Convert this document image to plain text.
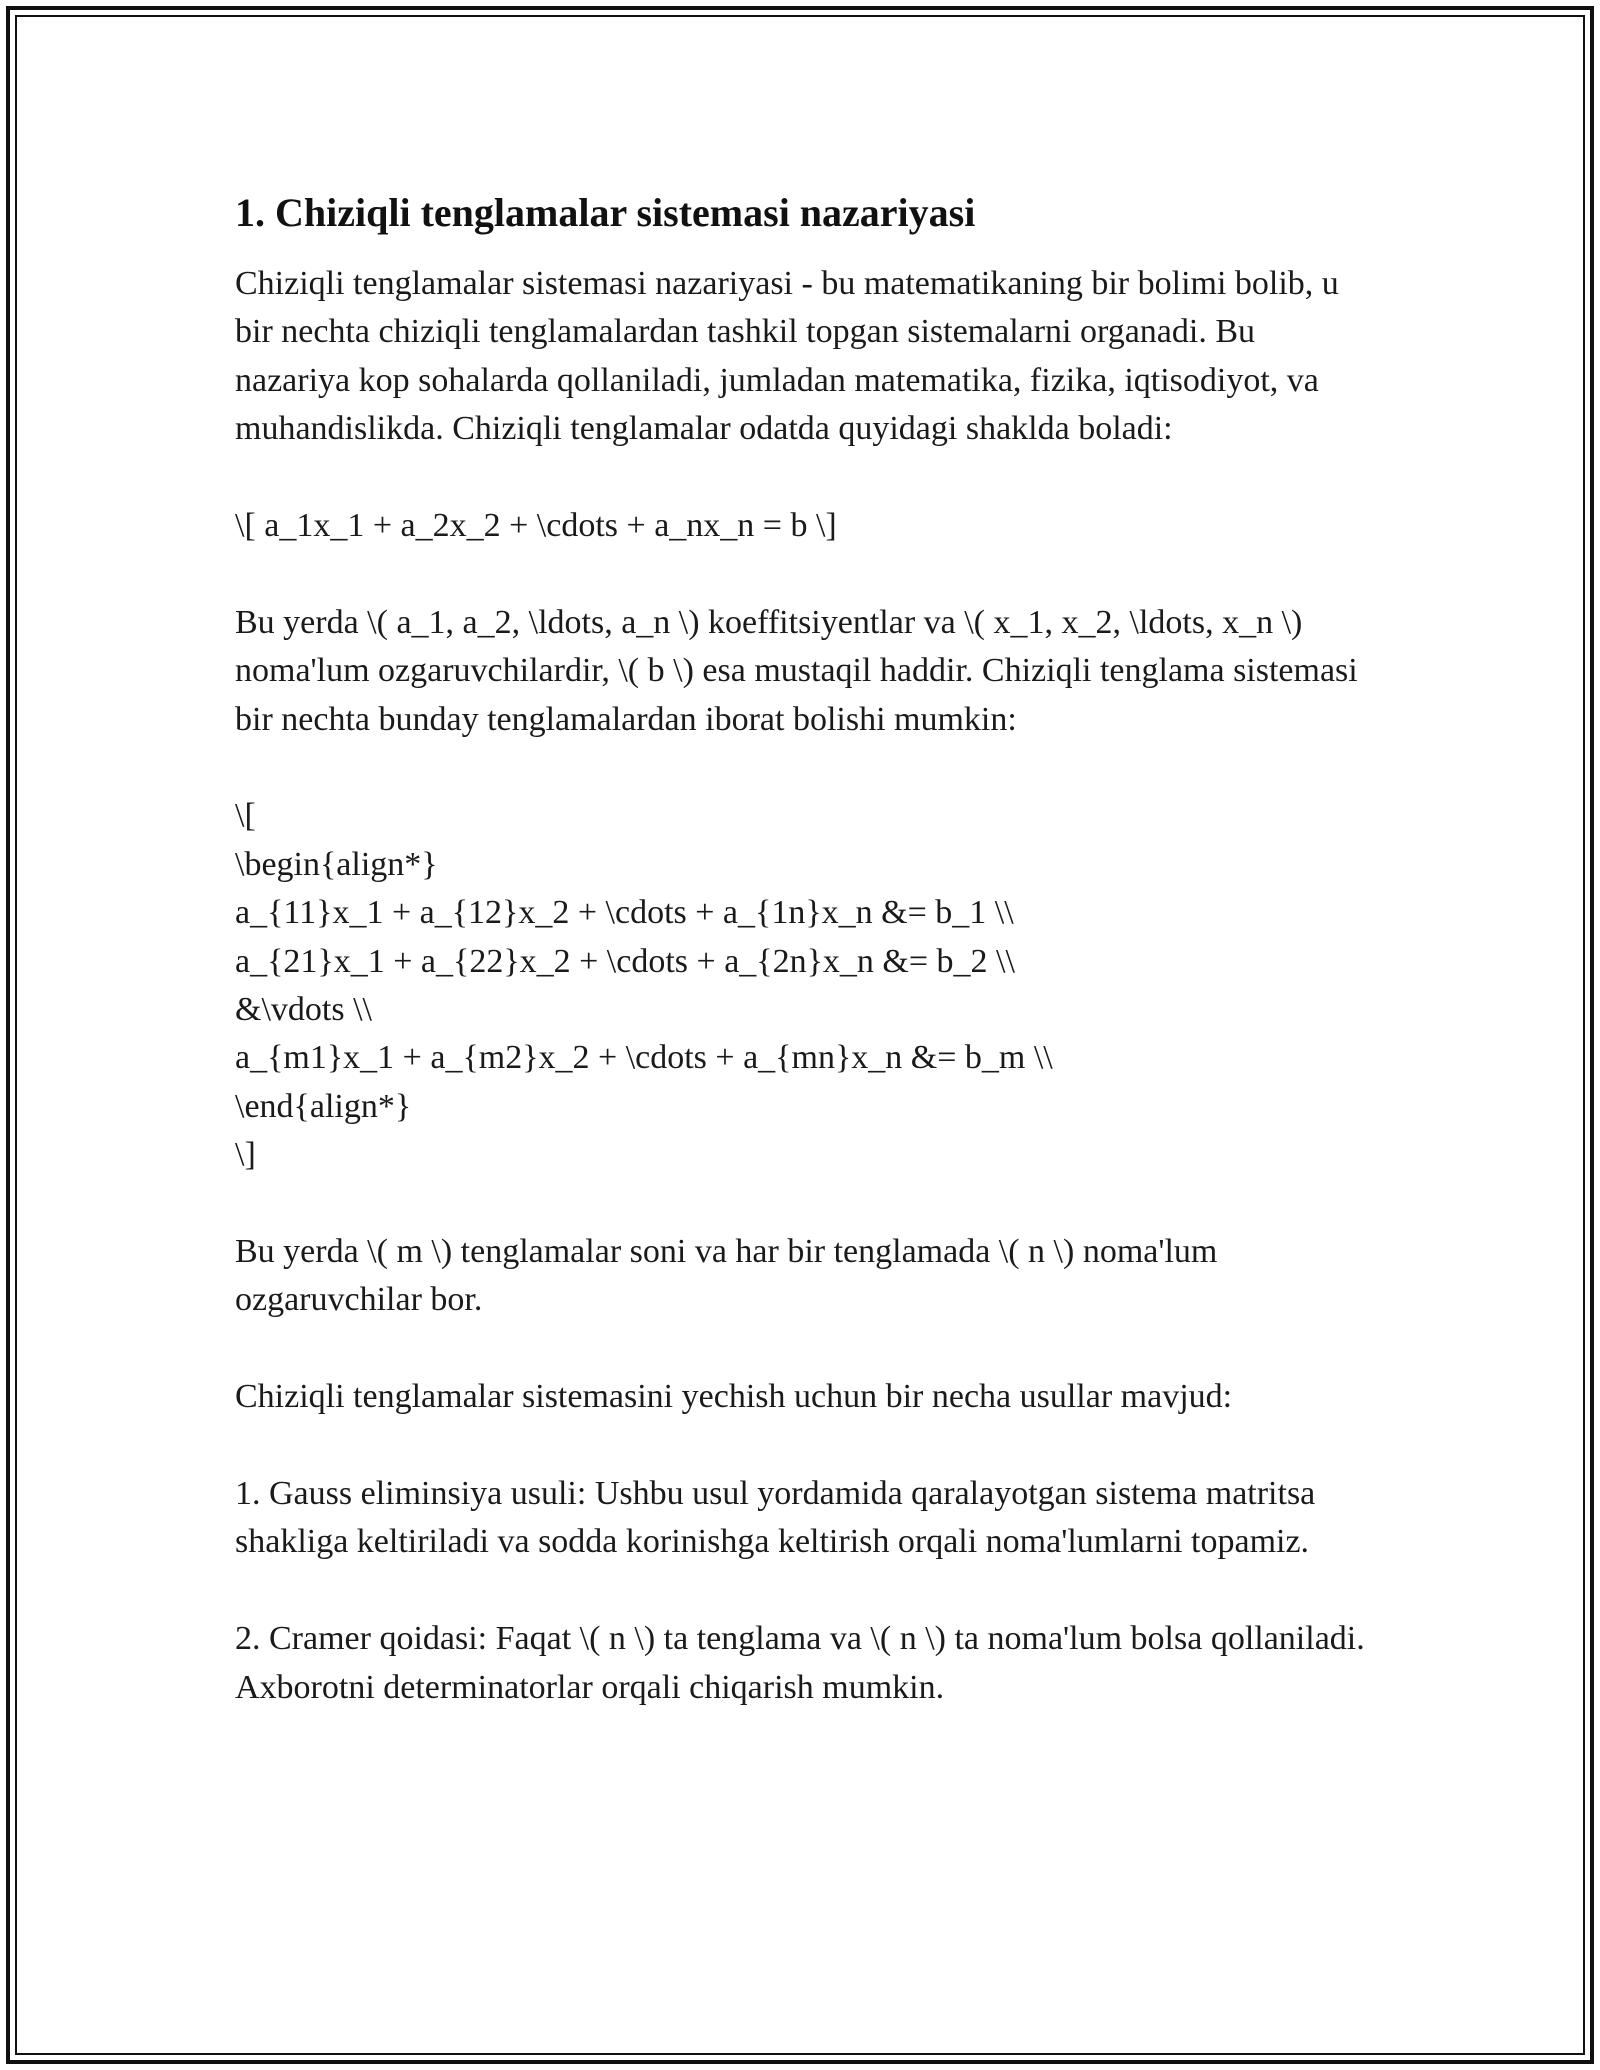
1. Chiziqli tenglamalar sistemasi nazariyasi

Chiziqli tenglamalar sistemasi nazariyasi - bu matematikaning bir bolimi bolib, u bir nechta chiziqli tenglamalardan tashkil topgan sistemalarni organadi. Bu nazariya kop sohalarda qollaniladi, jumladan matematika, fizika, iqtisodiyot, va muhandislikda. Chiziqli tenglamalar odatda quyidagi shaklda boladi:

\[ a_1x_1 + a_2x_2 + \cdots + a_nx_n = b \]

Bu yerda \( a_1, a_2, \ldots, a_n \) koeffitsiyentlar va \( x_1, x_2, \ldots, x_n \) noma'lum ozgaruvchilardir, \( b \) esa mustaqil haddir. Chiziqli tenglama sistemasi bir nechta bunday tenglamalardan iborat bolishi mumkin:

\[

\begin{align*}

a_{11}x_1 + a_{12}x_2 + \cdots + a_{1n}x_n &= b_1 \\

a_{21}x_1 + a_{22}x_2 + \cdots + a_{2n}x_n &= b_2 \\

&\vdots \\

a_{m1}x_1 + a_{m2}x_2 + \cdots + a_{mn}x_n &= b_m \\

\end{align*}

\]

Bu yerda \( m \) tenglamalar soni va har bir tenglamada \( n \) noma'lum ozgaruvchilar bor.

Chiziqli tenglamalar sistemasini yechish uchun bir necha usullar mavjud:

1. Gauss eliminsiya usuli: Ushbu usul yordamida qaralayotgan sistema matritsa shakliga keltiriladi va sodda korinishga keltirish orqali noma'lumlarni topamiz.

2. Cramer qoidasi: Faqat \( n \) ta tenglama va \( n \) ta noma'lum bolsa qollaniladi. Axborotni determinatorlar orqali chiqarish mumkin.
